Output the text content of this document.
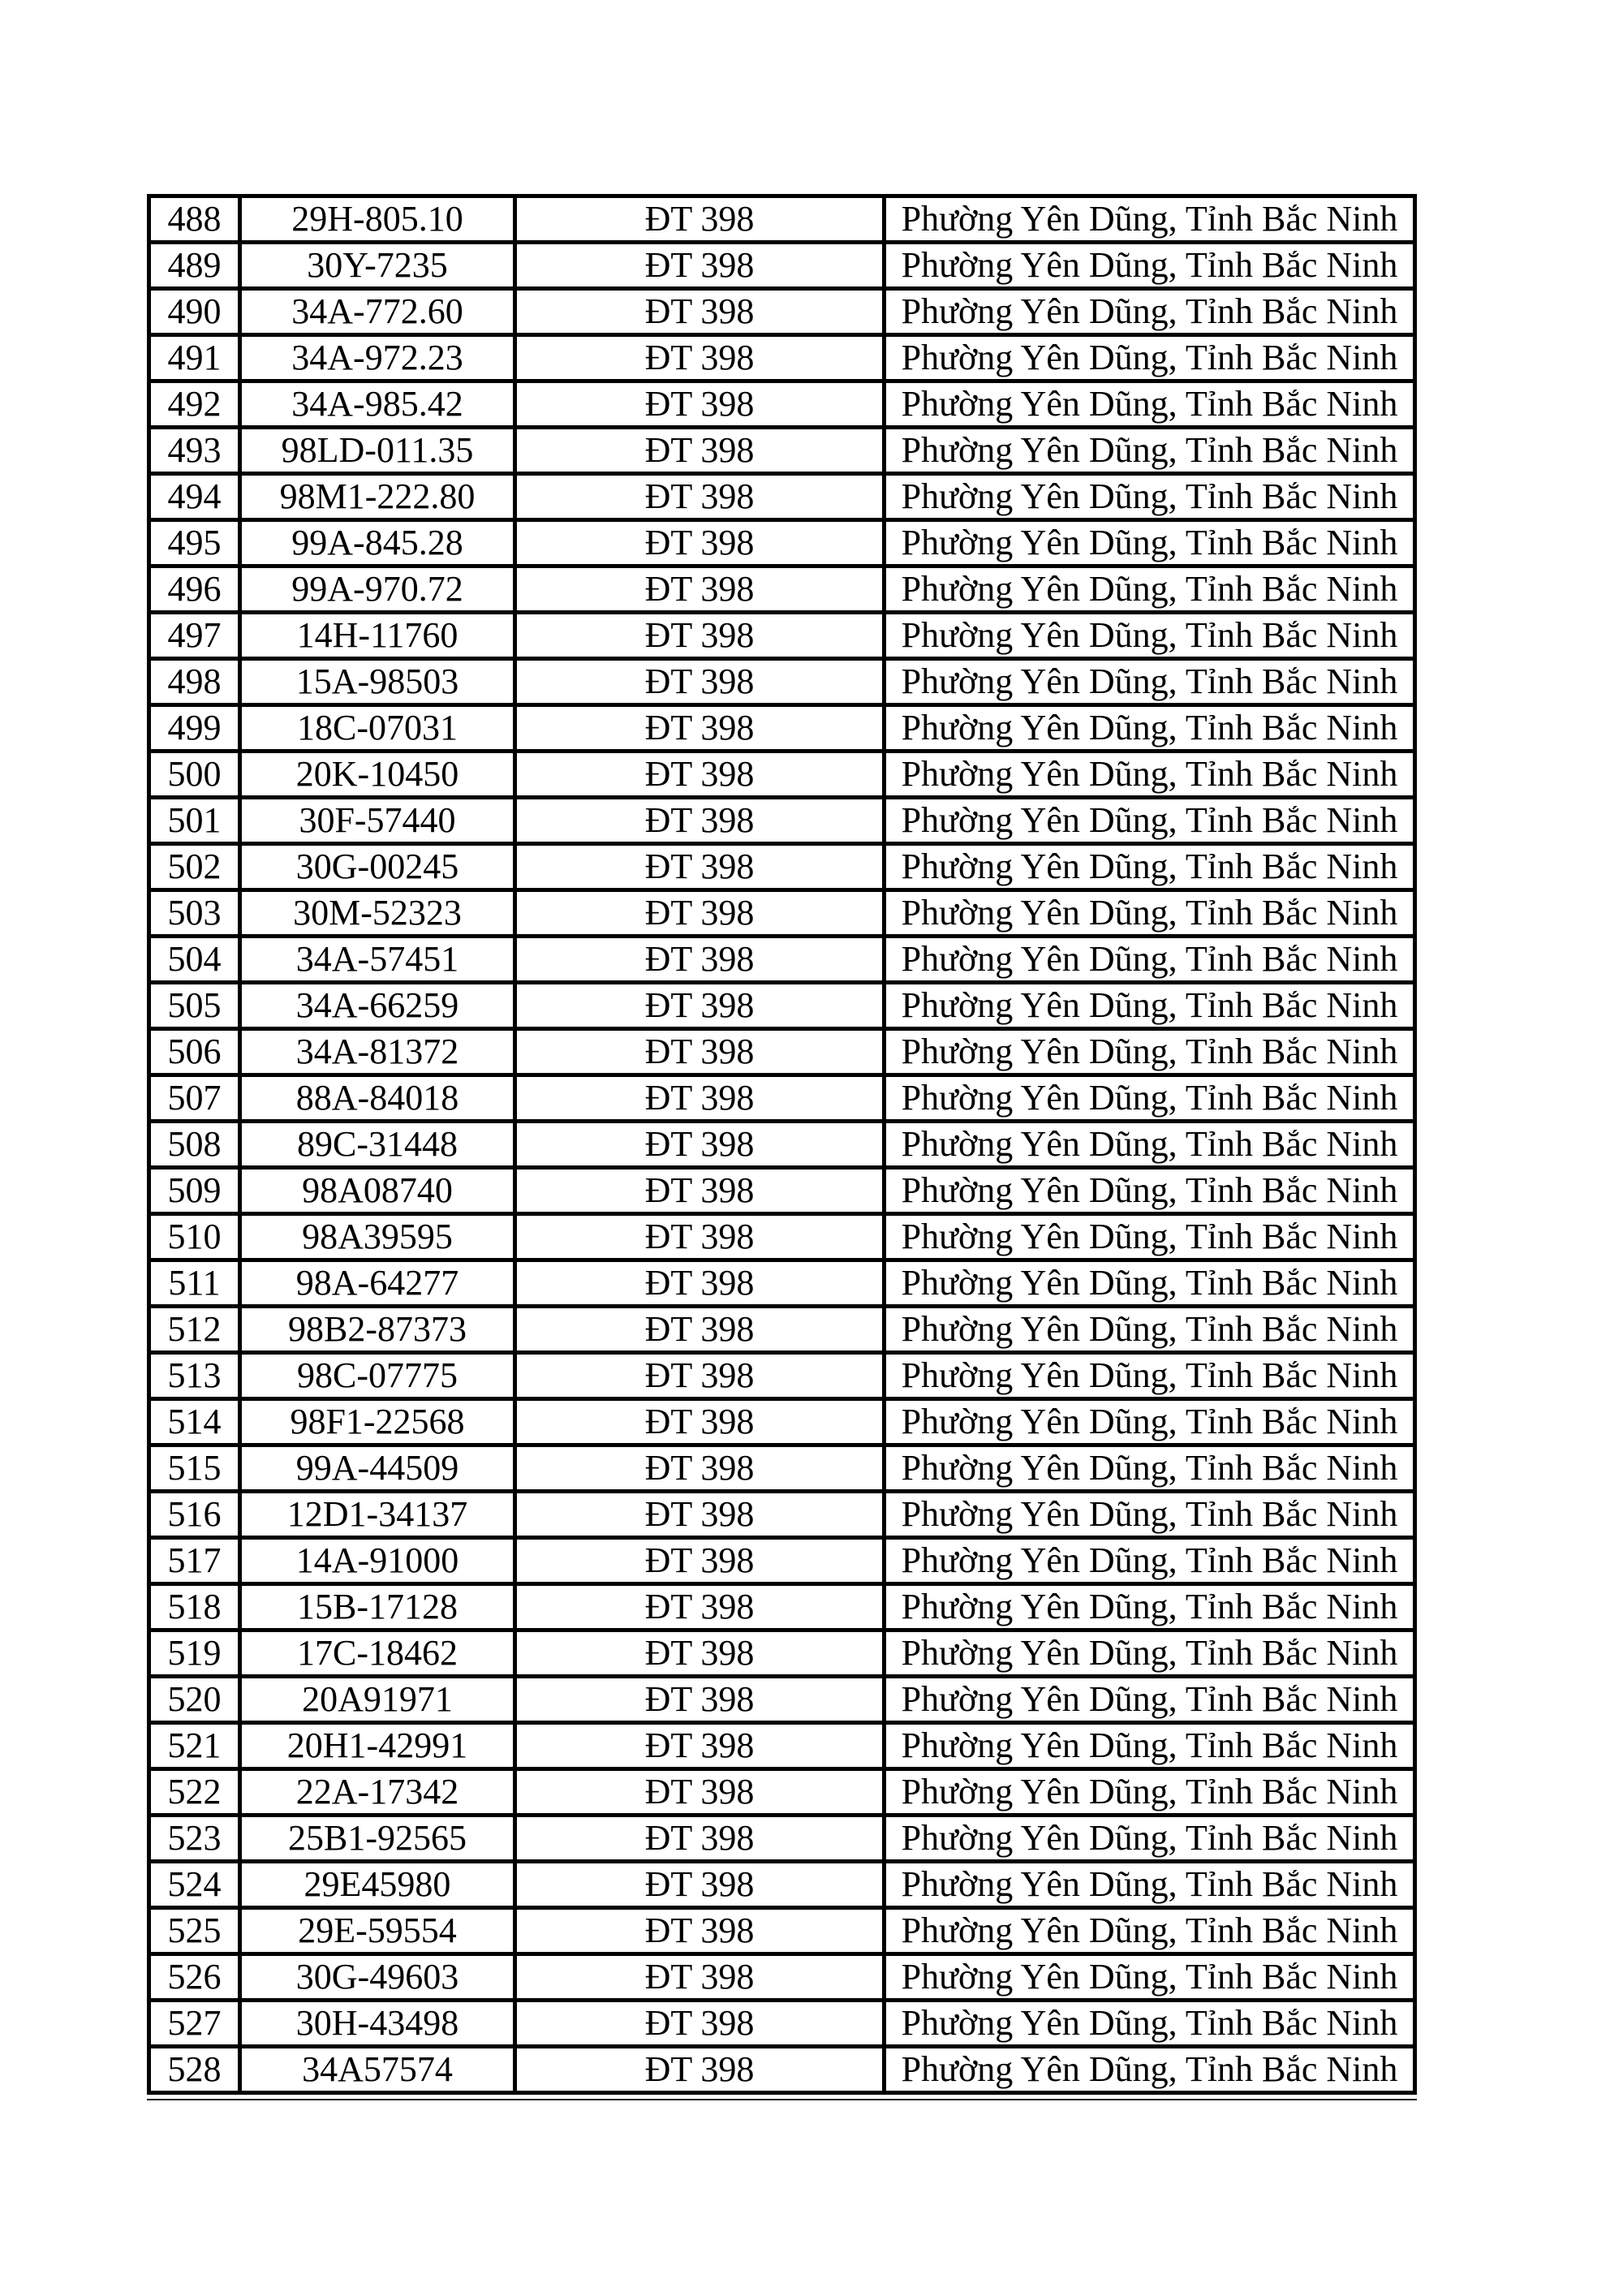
488	29H-805.10	ĐT 398	Phường Yên Dũng, Tỉnh Bắc Ninh
489	30Y-7235	ĐT 398	Phường Yên Dũng, Tỉnh Bắc Ninh
490	34A-772.60	ĐT 398	Phường Yên Dũng, Tỉnh Bắc Ninh
491	34A-972.23	ĐT 398	Phường Yên Dũng, Tỉnh Bắc Ninh
492	34A-985.42	ĐT 398	Phường Yên Dũng, Tỉnh Bắc Ninh
493	98LD-011.35	ĐT 398	Phường Yên Dũng, Tỉnh Bắc Ninh
494	98M1-222.80	ĐT 398	Phường Yên Dũng, Tỉnh Bắc Ninh
495	99A-845.28	ĐT 398	Phường Yên Dũng, Tỉnh Bắc Ninh
496	99A-970.72	ĐT 398	Phường Yên Dũng, Tỉnh Bắc Ninh
497	14H-11760	ĐT 398	Phường Yên Dũng, Tỉnh Bắc Ninh
498	15A-98503	ĐT 398	Phường Yên Dũng, Tỉnh Bắc Ninh
499	18C-07031	ĐT 398	Phường Yên Dũng, Tỉnh Bắc Ninh
500	20K-10450	ĐT 398	Phường Yên Dũng, Tỉnh Bắc Ninh
501	30F-57440	ĐT 398	Phường Yên Dũng, Tỉnh Bắc Ninh
502	30G-00245	ĐT 398	Phường Yên Dũng, Tỉnh Bắc Ninh
503	30M-52323	ĐT 398	Phường Yên Dũng, Tỉnh Bắc Ninh
504	34A-57451	ĐT 398	Phường Yên Dũng, Tỉnh Bắc Ninh
505	34A-66259	ĐT 398	Phường Yên Dũng, Tỉnh Bắc Ninh
506	34A-81372	ĐT 398	Phường Yên Dũng, Tỉnh Bắc Ninh
507	88A-84018	ĐT 398	Phường Yên Dũng, Tỉnh Bắc Ninh
508	89C-31448	ĐT 398	Phường Yên Dũng, Tỉnh Bắc Ninh
509	98A08740	ĐT 398	Phường Yên Dũng, Tỉnh Bắc Ninh
510	98A39595	ĐT 398	Phường Yên Dũng, Tỉnh Bắc Ninh
511	98A-64277	ĐT 398	Phường Yên Dũng, Tỉnh Bắc Ninh
512	98B2-87373	ĐT 398	Phường Yên Dũng, Tỉnh Bắc Ninh
513	98C-07775	ĐT 398	Phường Yên Dũng, Tỉnh Bắc Ninh
514	98F1-22568	ĐT 398	Phường Yên Dũng, Tỉnh Bắc Ninh
515	99A-44509	ĐT 398	Phường Yên Dũng, Tỉnh Bắc Ninh
516	12D1-34137	ĐT 398	Phường Yên Dũng, Tỉnh Bắc Ninh
517	14A-91000	ĐT 398	Phường Yên Dũng, Tỉnh Bắc Ninh
518	15B-17128	ĐT 398	Phường Yên Dũng, Tỉnh Bắc Ninh
519	17C-18462	ĐT 398	Phường Yên Dũng, Tỉnh Bắc Ninh
520	20A91971	ĐT 398	Phường Yên Dũng, Tỉnh Bắc Ninh
521	20H1-42991	ĐT 398	Phường Yên Dũng, Tỉnh Bắc Ninh
522	22A-17342	ĐT 398	Phường Yên Dũng, Tỉnh Bắc Ninh
523	25B1-92565	ĐT 398	Phường Yên Dũng, Tỉnh Bắc Ninh
524	29E45980	ĐT 398	Phường Yên Dũng, Tỉnh Bắc Ninh
525	29E-59554	ĐT 398	Phường Yên Dũng, Tỉnh Bắc Ninh
526	30G-49603	ĐT 398	Phường Yên Dũng, Tỉnh Bắc Ninh
527	30H-43498	ĐT 398	Phường Yên Dũng, Tỉnh Bắc Ninh
528	34A57574	ĐT 398	Phường Yên Dũng, Tỉnh Bắc Ninh
